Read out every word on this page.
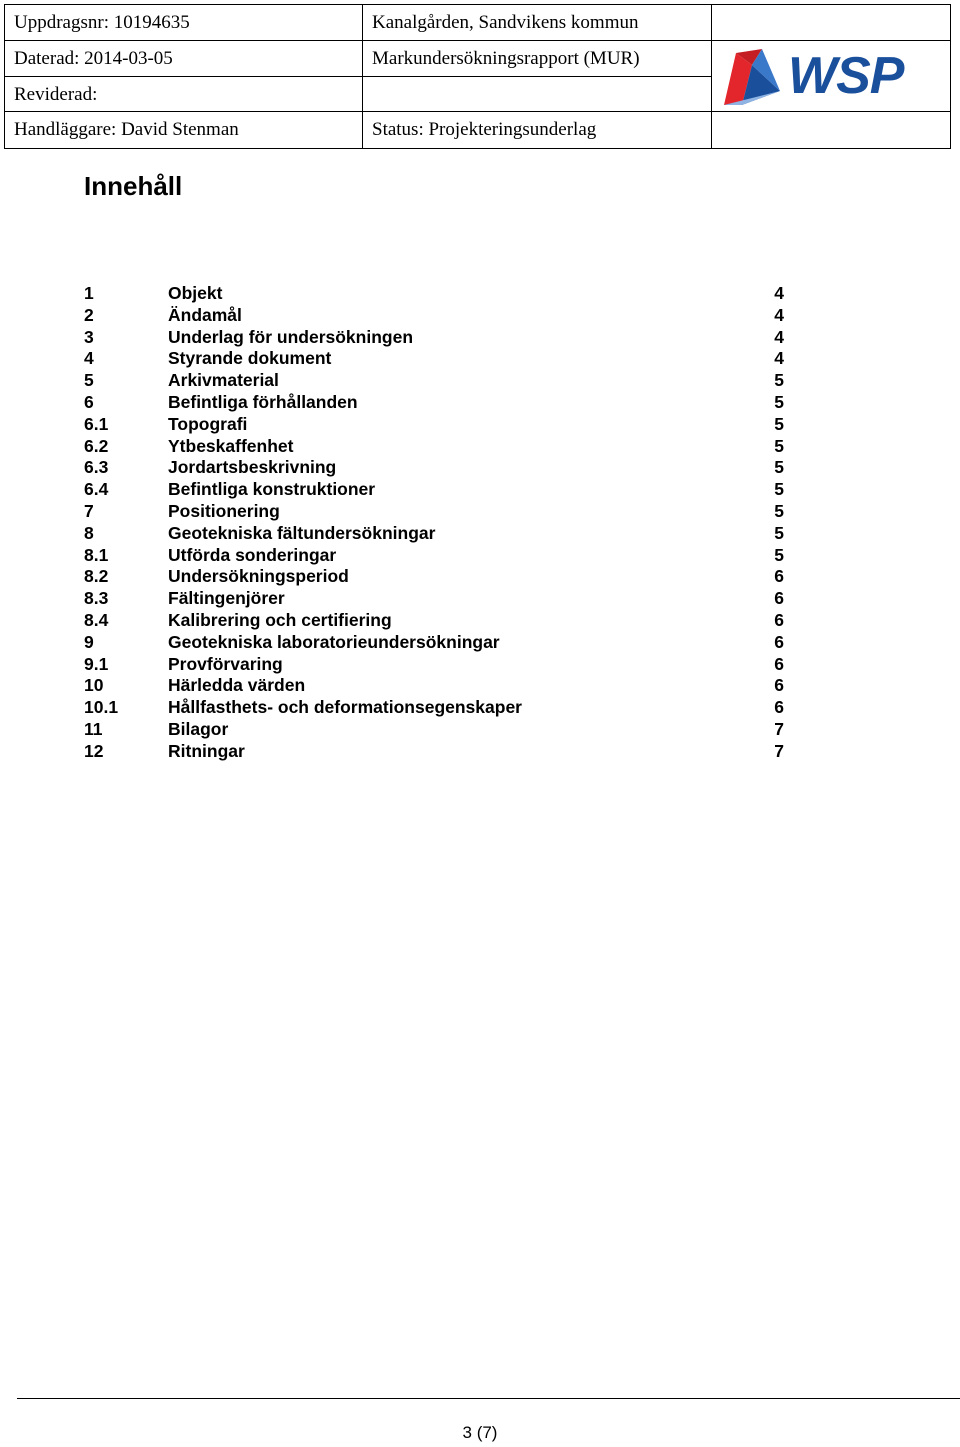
Uppdragsnr: 10194635	Kanalgården, Sandvikens kommun
Daterad: 2014-03-05	Markundersökningsrapport (MUR)	WSP
Reviderad:
Handläggare: David Stenman	Status: Projekteringsunderlag
Innehåll
1	Objekt	4
2	Ändamål	4
3	Underlag för undersökningen	4
4	Styrande dokument	4
5	Arkivmaterial	5
6	Befintliga förhållanden	5
6.1	Topografi	5
6.2	Ytbeskaffenhet	5
6.3	Jordartsbeskrivning	5
6.4	Befintliga konstruktioner	5
7	Positionering	5
8	Geotekniska fältundersökningar	5
8.1	Utförda sonderingar	5
8.2	Undersökningsperiod	6
8.3	Fältingenjörer	6
8.4	Kalibrering och certifiering	6
9	Geotekniska laboratorieundersökningar	6
9.1	Provförvaring	6
10	Härledda värden	6
10.1	Hållfasthets- och deformationsegenskaper	6
11	Bilagor	7
12	Ritningar	7
3 (7)
